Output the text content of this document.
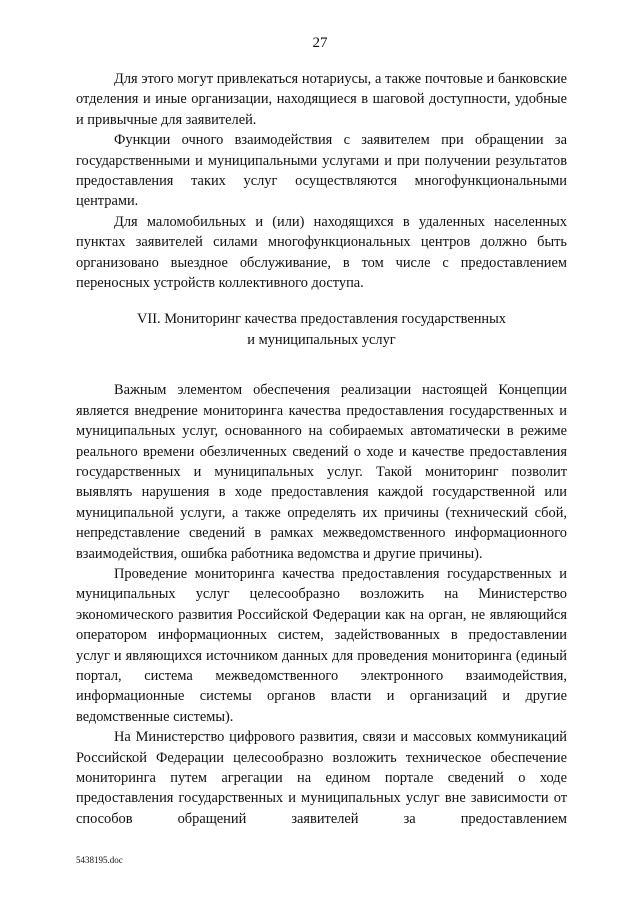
27

Для этого могут привлекаться нотариусы, а также почтовые и банковские отделения и иные организации, находящиеся в шаговой доступности, удобные и привычные для заявителей.

Функции очного взаимодействия с заявителем при обращении за государственными и муниципальными услугами и при получении результатов предоставления таких услуг осуществляются многофункциональными центрами.

Для маломобильных и (или) находящихся в удаленных населенных пунктах заявителей силами многофункциональных центров должно быть организовано выездное обслуживание, в том числе с предоставлением переносных устройств коллективного доступа.

VII. Мониторинг качества предоставления государственных
и муниципальных услуг

Важным элементом обеспечения реализации настоящей Концепции является внедрение мониторинга качества предоставления государственных и муниципальных услуг, основанного на собираемых автоматически в режиме реального времени обезличенных сведений о ходе и качестве предоставления государственных и муниципальных услуг. Такой мониторинг позволит выявлять нарушения в ходе предоставления каждой государственной или муниципальной услуги, а также определять их причины (технический сбой, непредставление сведений в рамках межведомственного информационного взаимодействия, ошибка работника ведомства и другие причины).

Проведение мониторинга качества предоставления государственных и муниципальных услуг целесообразно возложить на Министерство экономического развития Российской Федерации как на орган, не являющийся оператором информационных систем, задействованных в предоставлении услуг и являющихся источником данных для проведения мониторинга (единый портал, система межведомственного электронного взаимодействия, информационные системы органов власти и организаций и другие ведомственные системы).

На Министерство цифрового развития, связи и массовых коммуникаций Российской Федерации целесообразно возложить техническое обеспечение мониторинга путем агрегации на едином портале сведений о ходе предоставления государственных и муниципальных услуг вне зависимости от способов обращений заявителей за предоставлением

5438195.doc
